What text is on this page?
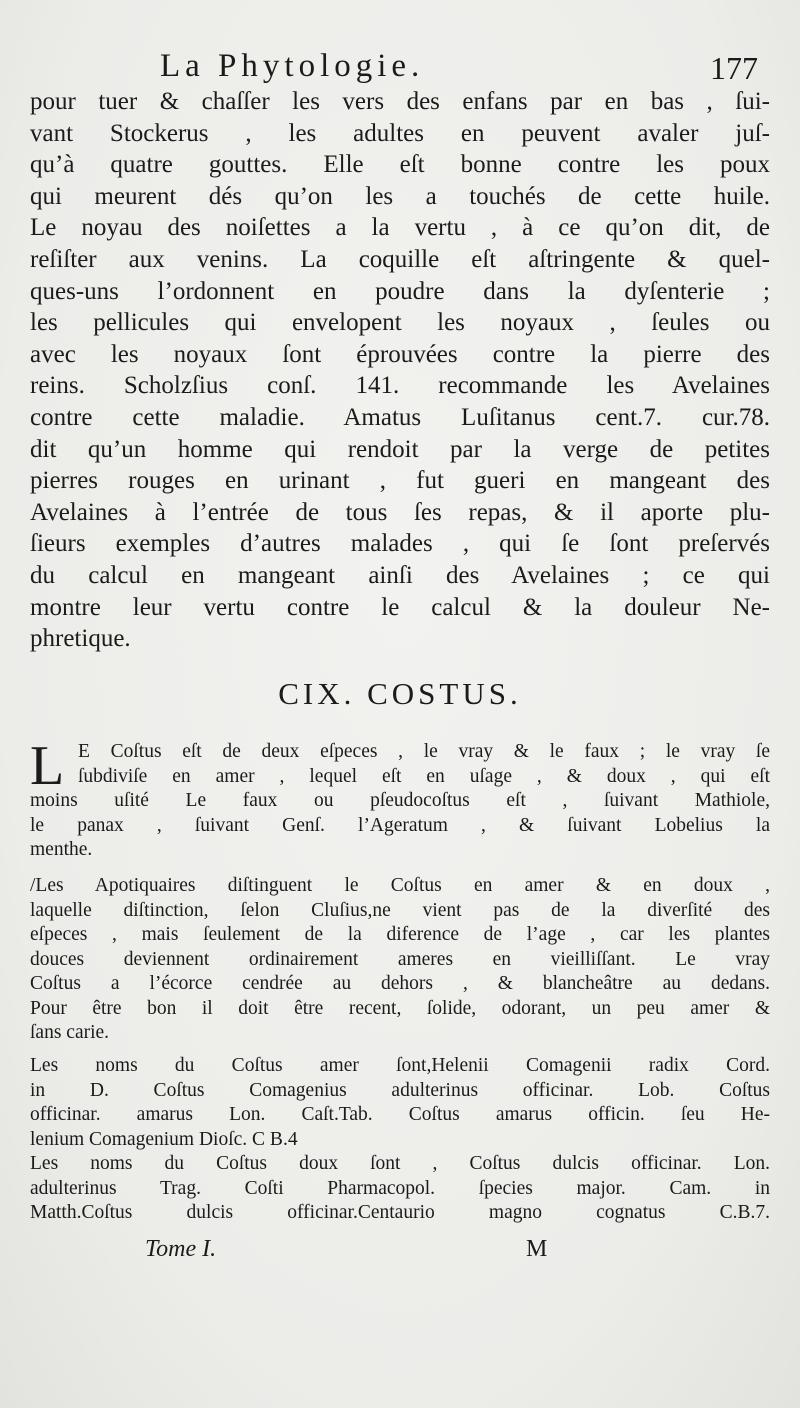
La Phytologie.	177
pour tuer & chaſſer les vers des enfans par en bas , ſui-
vant Stockerus , les adultes en peuvent avaler juſ-
qu’à quatre gouttes. Elle eſt bonne contre les poux
qui meurent dés qu’on les a touchés de cette huile.
Le noyau des noiſettes a la vertu , à ce qu’on dit, de
reſiſter aux venins. La coquille eſt aſtringente & quel-
ques-uns l’ordonnent en poudre dans la dyſenterie ;
les pellicules qui envelopent les noyaux , ſeules ou
avec les noyaux ſont éprouvées contre la pierre des
reins. Scholzſius conſ. 141. recommande les Avelaines
contre cette maladie. Amatus Luſitanus cent.7. cur.78.
dit qu’un homme qui rendoit par la verge de petites
pierres rouges en urinant , fut gueri en mangeant des
Avelaines à l’entrée de tous ſes repas, & il aporte plu-
ſieurs exemples d’autres malades , qui ſe ſont preſervés
du calcul en mangeant ainſi des Avelaines ; ce qui
montre leur vertu contre le calcul & la douleur Ne-
phretique.
CIX. COSTUS.
L E Coſtus eſt de deux eſpeces , le vray & le faux ; le vray ſe
ſubdiviſe en amer , lequel eſt en uſage , & doux , qui eſt
moins uſité Le faux ou pſeudocoſtus eſt , ſuivant Mathiole,
le panax , ſuivant Genſ. l’Ageratum , & ſuivant Lobelius la
menthe.
/Les Apotiquaires diſtinguent le Coſtus en amer & en doux ,
laquelle diſtinction, ſelon Cluſius,ne vient pas de la diverſité des
eſpeces , mais ſeulement de la diference de l’age , car les plantes
douces deviennent ordinairement ameres en vieilliſſant. Le vray
Coſtus a l’écorce cendrée au dehors , & blancheâtre au dedans.
Pour être bon il doit être recent, ſolide, odorant, un peu amer &
ſans carie.
Les noms du Coſtus amer ſont,Helenii Comagenii radix Cord.
in D. Coſtus Comagenius adulterinus officinar. Lob. Coſtus
officinar. amarus Lon. Caſt.Tab. Coſtus amarus officin. ſeu He-
lenium Comagenium Dioſc. C B.4
Les noms du Coſtus doux ſont , Coſtus dulcis officinar. Lon.
adulterinus Trag. Coſti Pharmacopol. ſpecies major. Cam. in
Matth.Coſtus dulcis officinar.Centaurio magno cognatus C.B.7.
Tome I.	M
